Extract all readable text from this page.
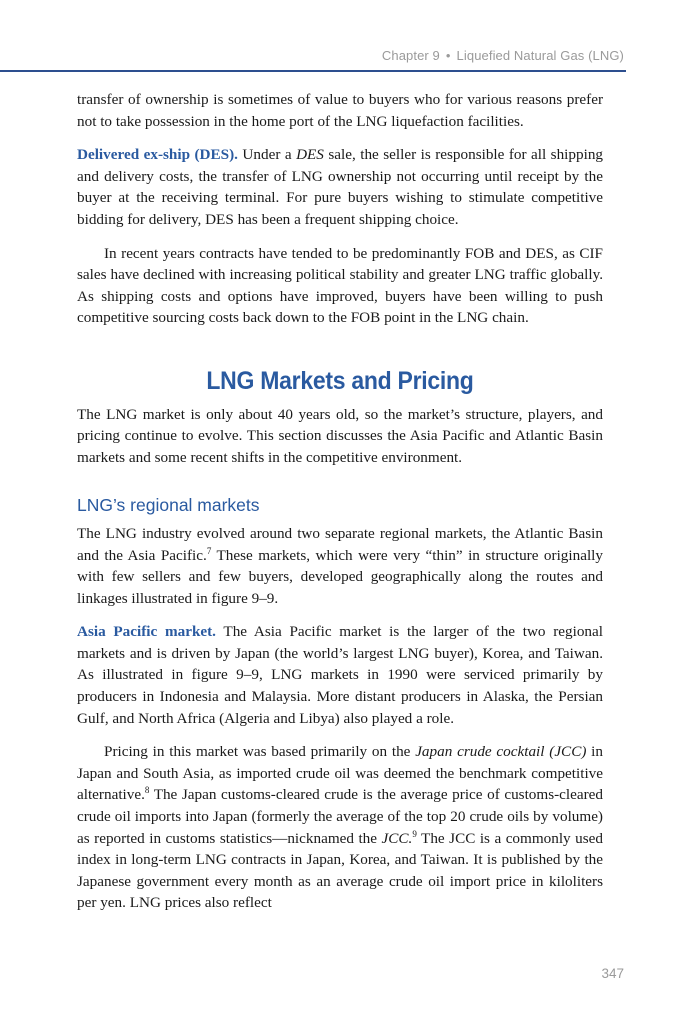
Chapter 9 • Liquefied Natural Gas (LNG)

transfer of ownership is sometimes of value to buyers who for various reasons prefer not to take possession in the home port of the LNG liquefaction facilities.

Delivered ex-ship (DES). Under a DES sale, the seller is responsible for all shipping and delivery costs, the transfer of LNG ownership not occurring until receipt by the buyer at the receiving terminal. For pure buyers wishing to stimulate competitive bidding for delivery, DES has been a frequent shipping choice.

In recent years contracts have tended to be predominantly FOB and DES, as CIF sales have declined with increasing political stability and greater LNG traffic globally. As shipping costs and options have improved, buyers have been willing to push competitive sourcing costs back down to the FOB point in the LNG chain.

LNG Markets and Pricing

The LNG market is only about 40 years old, so the market’s structure, players, and pricing continue to evolve. This section discusses the Asia Pacific and Atlantic Basin markets and some recent shifts in the competitive environment.

LNG’s regional markets

The LNG industry evolved around two separate regional markets, the Atlantic Basin and the Asia Pacific.$^7$ These markets, which were very “thin” in structure originally with few sellers and few buyers, developed geographically along the routes and linkages illustrated in figure 9–9.

Asia Pacific market. The Asia Pacific market is the larger of the two regional markets and is driven by Japan (the world’s largest LNG buyer), Korea, and Taiwan. As illustrated in figure 9–9, LNG markets in 1990 were serviced primarily by producers in Indonesia and Malaysia. More distant producers in Alaska, the Persian Gulf, and North Africa (Algeria and Libya) also played a role.

Pricing in this market was based primarily on the Japan crude cocktail (JCC) in Japan and South Asia, as imported crude oil was deemed the benchmark competitive alternative.$^8$ The Japan customs-cleared crude is the average price of customs-cleared crude oil imports into Japan (formerly the average of the top 20 crude oils by volume) as reported in customs statistics—nicknamed the JCC.$^9$ The JCC is a commonly used index in long-term LNG contracts in Japan, Korea, and Taiwan. It is published by the Japanese government every month as an average crude oil import price in kiloliters per yen. LNG prices also reflect

347
